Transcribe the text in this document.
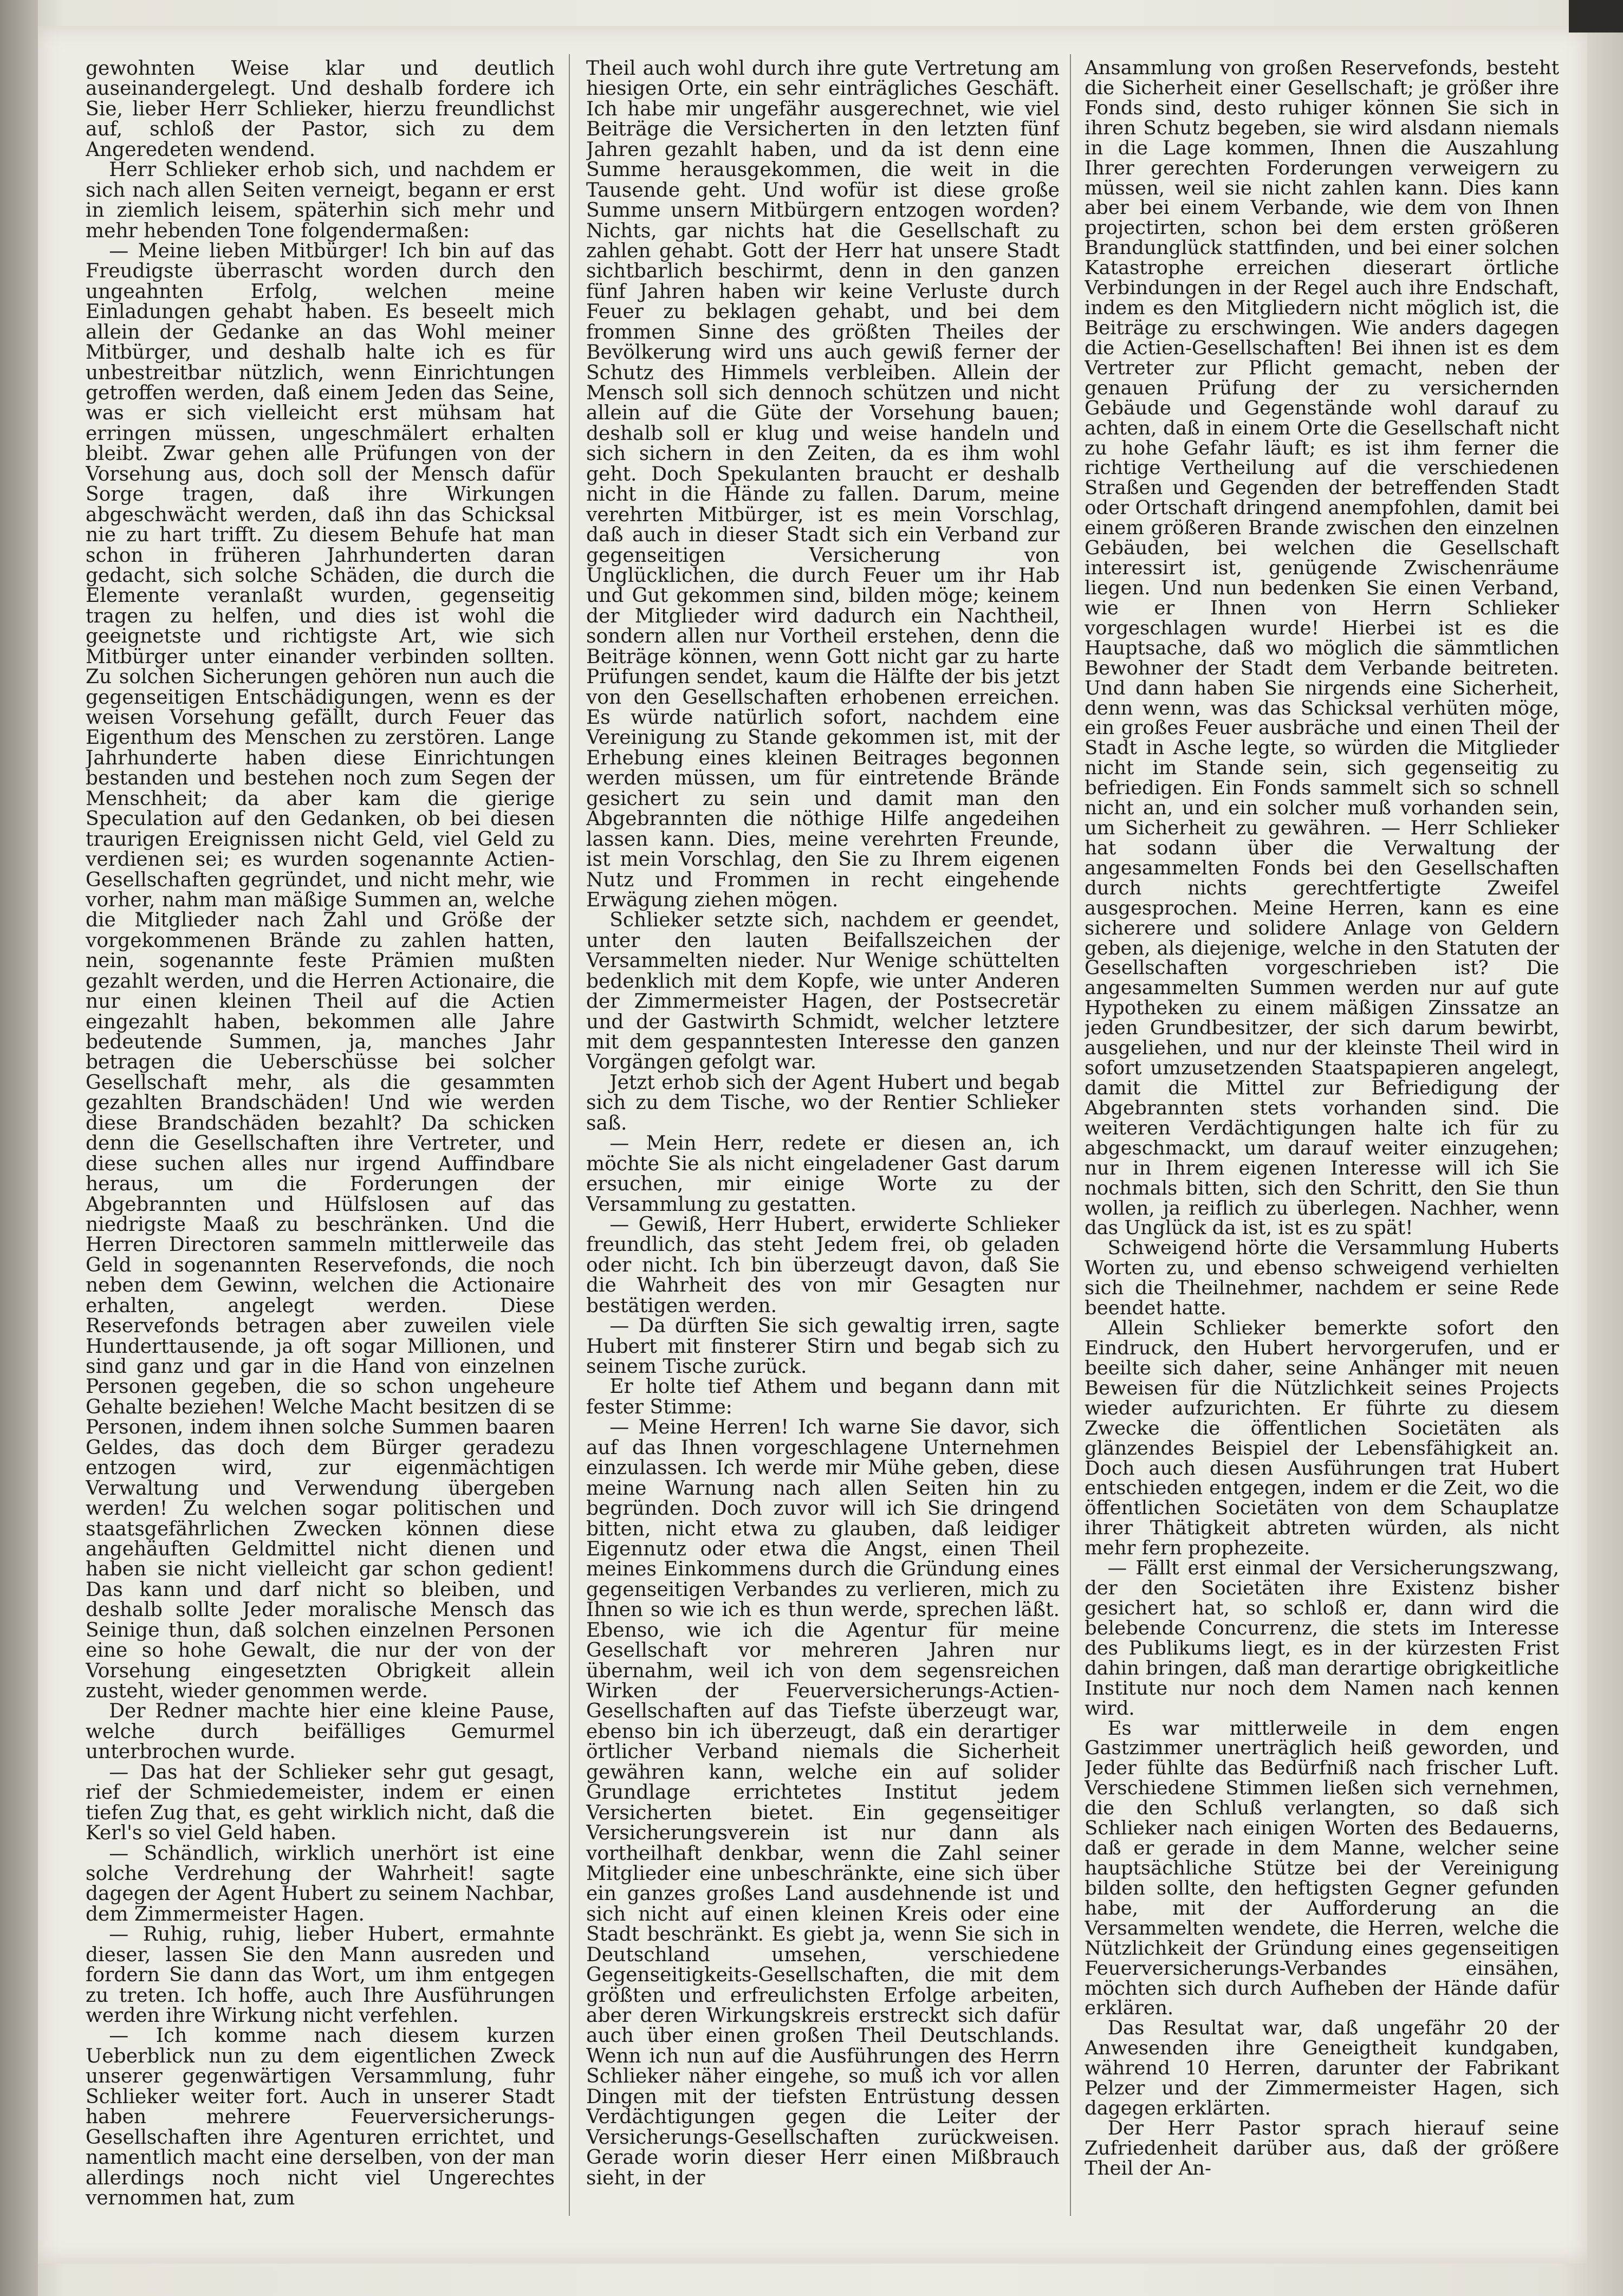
gewohnten Weise klar und deutlich auseinandergelegt. Und deshalb fordere ich Sie, lieber Herr Schlieker, hierzu freundlichst auf, schloß der Pastor, sich zu dem Angeredeten wendend.

Herr Schlieker erhob sich, und nachdem er sich nach allen Seiten verneigt, begann er erst in ziemlich leisem, späterhin sich mehr und mehr hebenden Tone folgendermaßen:

— Meine lieben Mitbürger! Ich bin auf das Freudigste überrascht worden durch den ungeahnten Erfolg, welchen meine Einladungen gehabt haben. Es beseelt mich allein der Gedanke an das Wohl meiner Mitbürger, und deshalb halte ich es für unbestreitbar nützlich, wenn Einrichtungen getroffen werden, daß einem Jeden das Seine, was er sich vielleicht erst mühsam hat erringen müssen, ungeschmälert erhalten bleibt. Zwar gehen alle Prüfungen von der Vorsehung aus, doch soll der Mensch dafür Sorge tragen, daß ihre Wirkungen abgeschwächt werden, daß ihn das Schicksal nie zu hart trifft. Zu diesem Behufe hat man schon in früheren Jahrhunderten daran gedacht, sich solche Schäden, die durch die Elemente veranlaßt wurden, gegenseitig tragen zu helfen, und dies ist wohl die geeignetste und richtigste Art, wie sich Mitbürger unter einander verbinden sollten. Zu solchen Sicherungen gehören nun auch die gegenseitigen Entschädigungen, wenn es der weisen Vorsehung gefällt, durch Feuer das Eigenthum des Menschen zu zerstören. Lange Jahrhunderte haben diese Einrichtungen bestanden und bestehen noch zum Segen der Menschheit; da aber kam die gierige Speculation auf den Gedanken, ob bei diesen traurigen Ereignissen nicht Geld, viel Geld zu verdienen sei; es wurden sogenannte Actien-Gesellschaften gegründet, und nicht mehr, wie vorher, nahm man mäßige Summen an, welche die Mitglieder nach Zahl und Größe der vorgekommenen Brände zu zahlen hatten, nein, sogenannte feste Prämien mußten gezahlt werden, und die Herren Actionaire, die nur einen kleinen Theil auf die Actien eingezahlt haben, bekommen alle Jahre bedeutende Summen, ja, manches Jahr betragen die Ueberschüsse bei solcher Gesellschaft mehr, als die gesammten gezahlten Brandschäden! Und wie werden diese Brandschäden bezahlt? Da schicken denn die Gesellschaften ihre Vertreter, und diese suchen alles nur irgend Auffindbare heraus, um die Forderungen der Abgebrannten und Hülfslosen auf das niedrigste Maaß zu beschränken. Und die Herren Directoren sammeln mittlerweile das Geld in sogenannten Reservefonds, die noch neben dem Gewinn, welchen die Actionaire erhalten, angelegt werden. Diese Reservefonds betragen aber zuweilen viele Hunderttausende, ja oft sogar Millionen, und sind ganz und gar in die Hand von einzelnen Personen gegeben, die so schon ungeheure Gehalte beziehen! Welche Macht besitzen di se Personen, indem ihnen solche Summen baaren Geldes, das doch dem Bürger geradezu entzogen wird, zur eigenmächtigen Verwaltung und Verwendung übergeben werden! Zu welchen sogar politischen und staatsgefährlichen Zwecken können diese angehäuften Geldmittel nicht dienen und haben sie nicht vielleicht gar schon gedient! Das kann und darf nicht so bleiben, und deshalb sollte Jeder moralische Mensch das Seinige thun, daß solchen einzelnen Personen eine so hohe Gewalt, die nur der von der Vorsehung eingesetzten Obrigkeit allein zusteht, wieder genommen werde.

Der Redner machte hier eine kleine Pause, welche durch beifälliges Gemurmel unterbrochen wurde.

— Das hat der Schlieker sehr gut gesagt, rief der Schmiedemeister, indem er einen tiefen Zug that, es geht wirklich nicht, daß die Kerl's so viel Geld haben.

— Schändlich, wirklich unerhört ist eine solche Verdrehung der Wahrheit! sagte dagegen der Agent Hubert zu seinem Nachbar, dem Zimmermeister Hagen.

— Ruhig, ruhig, lieber Hubert, ermahnte dieser, lassen Sie den Mann ausreden und fordern Sie dann das Wort, um ihm entgegen zu treten. Ich hoffe, auch Ihre Ausführungen werden ihre Wirkung nicht verfehlen.

— Ich komme nach diesem kurzen Ueberblick nun zu dem eigentlichen Zweck unserer gegenwärtigen Versammlung, fuhr Schlieker weiter fort. Auch in unserer Stadt haben mehrere Feuerversicherungs-Gesellschaften ihre Agenturen errichtet, und namentlich macht eine derselben, von der man allerdings noch nicht viel Ungerechtes vernommen hat, zum

Theil auch wohl durch ihre gute Vertretung am hiesigen Orte, ein sehr einträgliches Geschäft. Ich habe mir ungefähr ausgerechnet, wie viel Beiträge die Versicherten in den letzten fünf Jahren gezahlt haben, und da ist denn eine Summe herausgekommen, die weit in die Tausende geht. Und wofür ist diese große Summe unsern Mitbürgern entzogen worden? Nichts, gar nichts hat die Gesellschaft zu zahlen gehabt. Gott der Herr hat unsere Stadt sichtbarlich beschirmt, denn in den ganzen fünf Jahren haben wir keine Verluste durch Feuer zu beklagen gehabt, und bei dem frommen Sinne des größten Theiles der Bevölkerung wird uns auch gewiß ferner der Schutz des Himmels verbleiben. Allein der Mensch soll sich dennoch schützen und nicht allein auf die Güte der Vorsehung bauen; deshalb soll er klug und weise handeln und sich sichern in den Zeiten, da es ihm wohl geht. Doch Spekulanten braucht er deshalb nicht in die Hände zu fallen. Darum, meine verehrten Mitbürger, ist es mein Vorschlag, daß auch in dieser Stadt sich ein Verband zur gegenseitigen Versicherung von Unglücklichen, die durch Feuer um ihr Hab und Gut gekommen sind, bilden möge; keinem der Mitglieder wird dadurch ein Nachtheil, sondern allen nur Vortheil erstehen, denn die Beiträge können, wenn Gott nicht gar zu harte Prüfungen sendet, kaum die Hälfte der bis jetzt von den Gesellschaften erhobenen erreichen. Es würde natürlich sofort, nachdem eine Vereinigung zu Stande gekommen ist, mit der Erhebung eines kleinen Beitrages begonnen werden müssen, um für eintretende Brände gesichert zu sein und damit man den Abgebrannten die nöthige Hilfe angedeihen lassen kann. Dies, meine verehrten Freunde, ist mein Vorschlag, den Sie zu Ihrem eigenen Nutz und Frommen in recht eingehende Erwägung ziehen mögen.

Schlieker setzte sich, nachdem er geendet, unter den lauten Beifallszeichen der Versammelten nieder. Nur Wenige schüttelten bedenklich mit dem Kopfe, wie unter Anderen der Zimmermeister Hagen, der Postsecretär und der Gastwirth Schmidt, welcher letztere mit dem gespanntesten Interesse den ganzen Vorgängen gefolgt war.

Jetzt erhob sich der Agent Hubert und begab sich zu dem Tische, wo der Rentier Schlieker saß.

— Mein Herr, redete er diesen an, ich möchte Sie als nicht eingeladener Gast darum ersuchen, mir einige Worte zu der Versammlung zu gestatten.

— Gewiß, Herr Hubert, erwiderte Schlieker freundlich, das steht Jedem frei, ob geladen oder nicht. Ich bin überzeugt davon, daß Sie die Wahrheit des von mir Gesagten nur bestätigen werden.

— Da dürften Sie sich gewaltig irren, sagte Hubert mit finsterer Stirn und begab sich zu seinem Tische zurück.

Er holte tief Athem und begann dann mit fester Stimme:

— Meine Herren! Ich warne Sie davor, sich auf das Ihnen vorgeschlagene Unternehmen einzulassen. Ich werde mir Mühe geben, diese meine Warnung nach allen Seiten hin zu begründen. Doch zuvor will ich Sie dringend bitten, nicht etwa zu glauben, daß leidiger Eigennutz oder etwa die Angst, einen Theil meines Einkommens durch die Gründung eines gegenseitigen Verbandes zu verlieren, mich zu Ihnen so wie ich es thun werde, sprechen läßt. Ebenso, wie ich die Agentur für meine Gesellschaft vor mehreren Jahren nur übernahm, weil ich von dem segensreichen Wirken der Feuerversicherungs-Actien-Gesellschaften auf das Tiefste überzeugt war, ebenso bin ich überzeugt, daß ein derartiger örtlicher Verband niemals die Sicherheit gewähren kann, welche ein auf solider Grundlage errichtetes Institut jedem Versicherten bietet. Ein gegenseitiger Versicherungsverein ist nur dann als vortheilhaft denkbar, wenn die Zahl seiner Mitglieder eine unbeschränkte, eine sich über ein ganzes großes Land ausdehnende ist und sich nicht auf einen kleinen Kreis oder eine Stadt beschränkt. Es giebt ja, wenn Sie sich in Deutschland umsehen, verschiedene Gegenseitigkeits-Gesellschaften, die mit dem größten und erfreulichsten Erfolge arbeiten, aber deren Wirkungskreis erstreckt sich dafür auch über einen großen Theil Deutschlands. Wenn ich nun auf die Ausführungen des Herrn Schlieker näher eingehe, so muß ich vor allen Dingen mit der tiefsten Entrüstung dessen Verdächtigungen gegen die Leiter der Versicherungs-Gesellschaften zurückweisen. Gerade worin dieser Herr einen Mißbrauch sieht, in der

Ansammlung von großen Reservefonds, besteht die Sicherheit einer Gesellschaft; je größer ihre Fonds sind, desto ruhiger können Sie sich in ihren Schutz begeben, sie wird alsdann niemals in die Lage kommen, Ihnen die Auszahlung Ihrer gerechten Forderungen verweigern zu müssen, weil sie nicht zahlen kann. Dies kann aber bei einem Verbande, wie dem von Ihnen projectirten, schon bei dem ersten größeren Brandunglück stattfinden, und bei einer solchen Katastrophe erreichen dieserart örtliche Verbindungen in der Regel auch ihre Endschaft, indem es den Mitgliedern nicht möglich ist, die Beiträge zu erschwingen. Wie anders dagegen die Actien-Gesellschaften! Bei ihnen ist es dem Vertreter zur Pflicht gemacht, neben der genauen Prüfung der zu versichernden Gebäude und Gegenstände wohl darauf zu achten, daß in einem Orte die Gesellschaft nicht zu hohe Gefahr läuft; es ist ihm ferner die richtige Vertheilung auf die verschiedenen Straßen und Gegenden der betreffenden Stadt oder Ortschaft dringend anempfohlen, damit bei einem größeren Brande zwischen den einzelnen Gebäuden, bei welchen die Gesellschaft interessirt ist, genügende Zwischenräume liegen. Und nun bedenken Sie einen Verband, wie er Ihnen von Herrn Schlieker vorgeschlagen wurde! Hierbei ist es die Hauptsache, daß wo möglich die sämmtlichen Bewohner der Stadt dem Verbande beitreten. Und dann haben Sie nirgends eine Sicherheit, denn wenn, was das Schicksal verhüten möge, ein großes Feuer ausbräche und einen Theil der Stadt in Asche legte, so würden die Mitglieder nicht im Stande sein, sich gegenseitig zu befriedigen. Ein Fonds sammelt sich so schnell nicht an, und ein solcher muß vorhanden sein, um Sicherheit zu gewähren. — Herr Schlieker hat sodann über die Verwaltung der angesammelten Fonds bei den Gesellschaften durch nichts gerechtfertigte Zweifel ausgesprochen. Meine Herren, kann es eine sicherere und solidere Anlage von Geldern geben, als diejenige, welche in den Statuten der Gesellschaften vorgeschrieben ist? Die angesammelten Summen werden nur auf gute Hypotheken zu einem mäßigen Zinssatze an jeden Grundbesitzer, der sich darum bewirbt, ausgeliehen, und nur der kleinste Theil wird in sofort umzusetzenden Staatspapieren angelegt, damit die Mittel zur Befriedigung der Abgebrannten stets vorhanden sind. Die weiteren Verdächtigungen halte ich für zu abgeschmackt, um darauf weiter einzugehen; nur in Ihrem eigenen Interesse will ich Sie nochmals bitten, sich den Schritt, den Sie thun wollen, ja reiflich zu überlegen. Nachher, wenn das Unglück da ist, ist es zu spät!

Schweigend hörte die Versammlung Huberts Worten zu, und ebenso schweigend verhielten sich die Theilnehmer, nachdem er seine Rede beendet hatte.

Allein Schlieker bemerkte sofort den Eindruck, den Hubert hervorgerufen, und er beeilte sich daher, seine Anhänger mit neuen Beweisen für die Nützlichkeit seines Projects wieder aufzurichten. Er führte zu diesem Zwecke die öffentlichen Societäten als glänzendes Beispiel der Lebensfähigkeit an. Doch auch diesen Ausführungen trat Hubert entschieden entgegen, indem er die Zeit, wo die öffentlichen Societäten von dem Schauplatze ihrer Thätigkeit abtreten würden, als nicht mehr fern prophezeite.

— Fällt erst einmal der Versicherungszwang, der den Societäten ihre Existenz bisher gesichert hat, so schloß er, dann wird die belebende Concurrenz, die stets im Interesse des Publikums liegt, es in der kürzesten Frist dahin bringen, daß man derartige obrigkeitliche Institute nur noch dem Namen nach kennen wird.

Es war mittlerweile in dem engen Gastzimmer unerträglich heiß geworden, und Jeder fühlte das Bedürfniß nach frischer Luft. Verschiedene Stimmen ließen sich vernehmen, die den Schluß verlangten, so daß sich Schlieker nach einigen Worten des Bedauerns, daß er gerade in dem Manne, welcher seine hauptsächliche Stütze bei der Vereinigung bilden sollte, den heftigsten Gegner gefunden habe, mit der Aufforderung an die Versammelten wendete, die Herren, welche die Nützlichkeit der Gründung eines gegenseitigen Feuerversicherungs-Verbandes einsähen, möchten sich durch Aufheben der Hände dafür erklären.

Das Resultat war, daß ungefähr 20 der Anwesenden ihre Geneigtheit kundgaben, während 10 Herren, darunter der Fabrikant Pelzer und der Zimmermeister Hagen, sich dagegen erklärten.

Der Herr Pastor sprach hierauf seine Zufriedenheit darüber aus, daß der größere Theil der An-
